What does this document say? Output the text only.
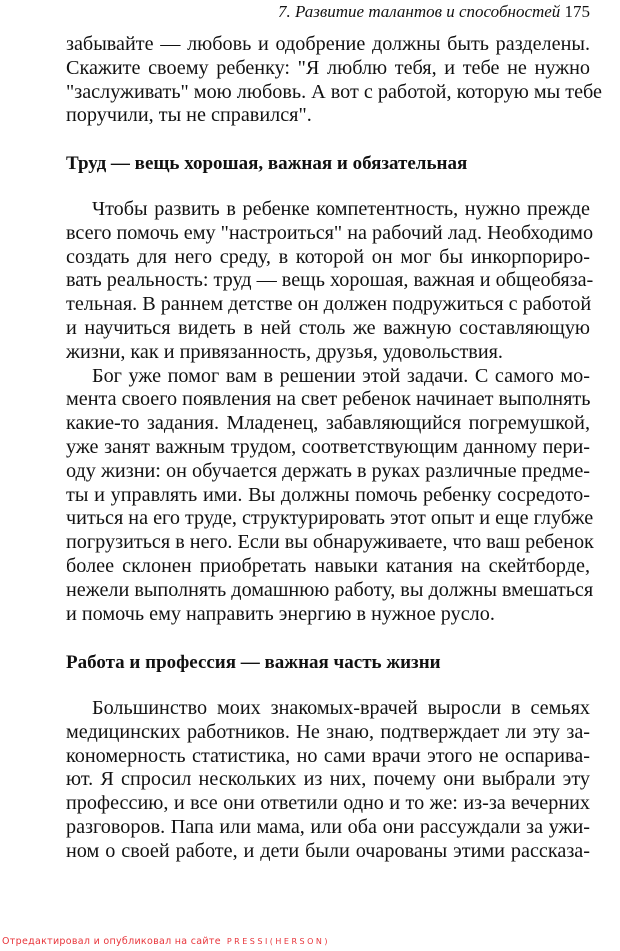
7. Развитие талантов и способностей 175
забывайте — любовь и одобрение должны быть разделены.
Скажите своему ребенку: "Я люблю тебя, и тебе не нужно
"заслуживать" мою любовь. А вот с работой, которую мы тебе
поручили, ты не справился".
Труд — вещь хорошая, важная и обязательная
Чтобы развить в ребенке компетентность, нужно прежде
всего помочь ему "настроиться" на рабочий лад. Необходимо
создать для него среду, в которой он мог бы инкорпориро-
вать реальность: труд — вещь хорошая, важная и общеобяза-
тельная. В раннем детстве он должен подружиться с работой
и научиться видеть в ней столь же важную составляющую
жизни, как и привязанность, друзья, удовольствия.
Бог уже помог вам в решении этой задачи. С самого мо-
мента своего появления на свет ребенок начинает выполнять
какие-то задания. Младенец, забавляющийся погремушкой,
уже занят важным трудом, соответствующим данному пери-
оду жизни: он обучается держать в руках различные предме-
ты и управлять ими. Вы должны помочь ребенку сосредото-
читься на его труде, структурировать этот опыт и еще глубже
погрузиться в него. Если вы обнаруживаете, что ваш ребенок
более склонен приобретать навыки катания на скейтборде,
нежели выполнять домашнюю работу, вы должны вмешаться
и помочь ему направить энергию в нужное русло.
Работа и профессия — важная часть жизни
Большинство моих знакомых-врачей выросли в семьях
медицинских работников. Не знаю, подтверждает ли эту за-
кономерность статистика, но сами врачи этого не оспарива-
ют. Я спросил нескольких из них, почему они выбрали эту
профессию, и все они ответили одно и то же: из-за вечерних
разговоров. Папа или мама, или оба они рассуждали за ужи-
ном о своей работе, и дети были очарованы этими рассказа-
Отредактировал и опубликовал на сайте PRESSI(HERSON)
